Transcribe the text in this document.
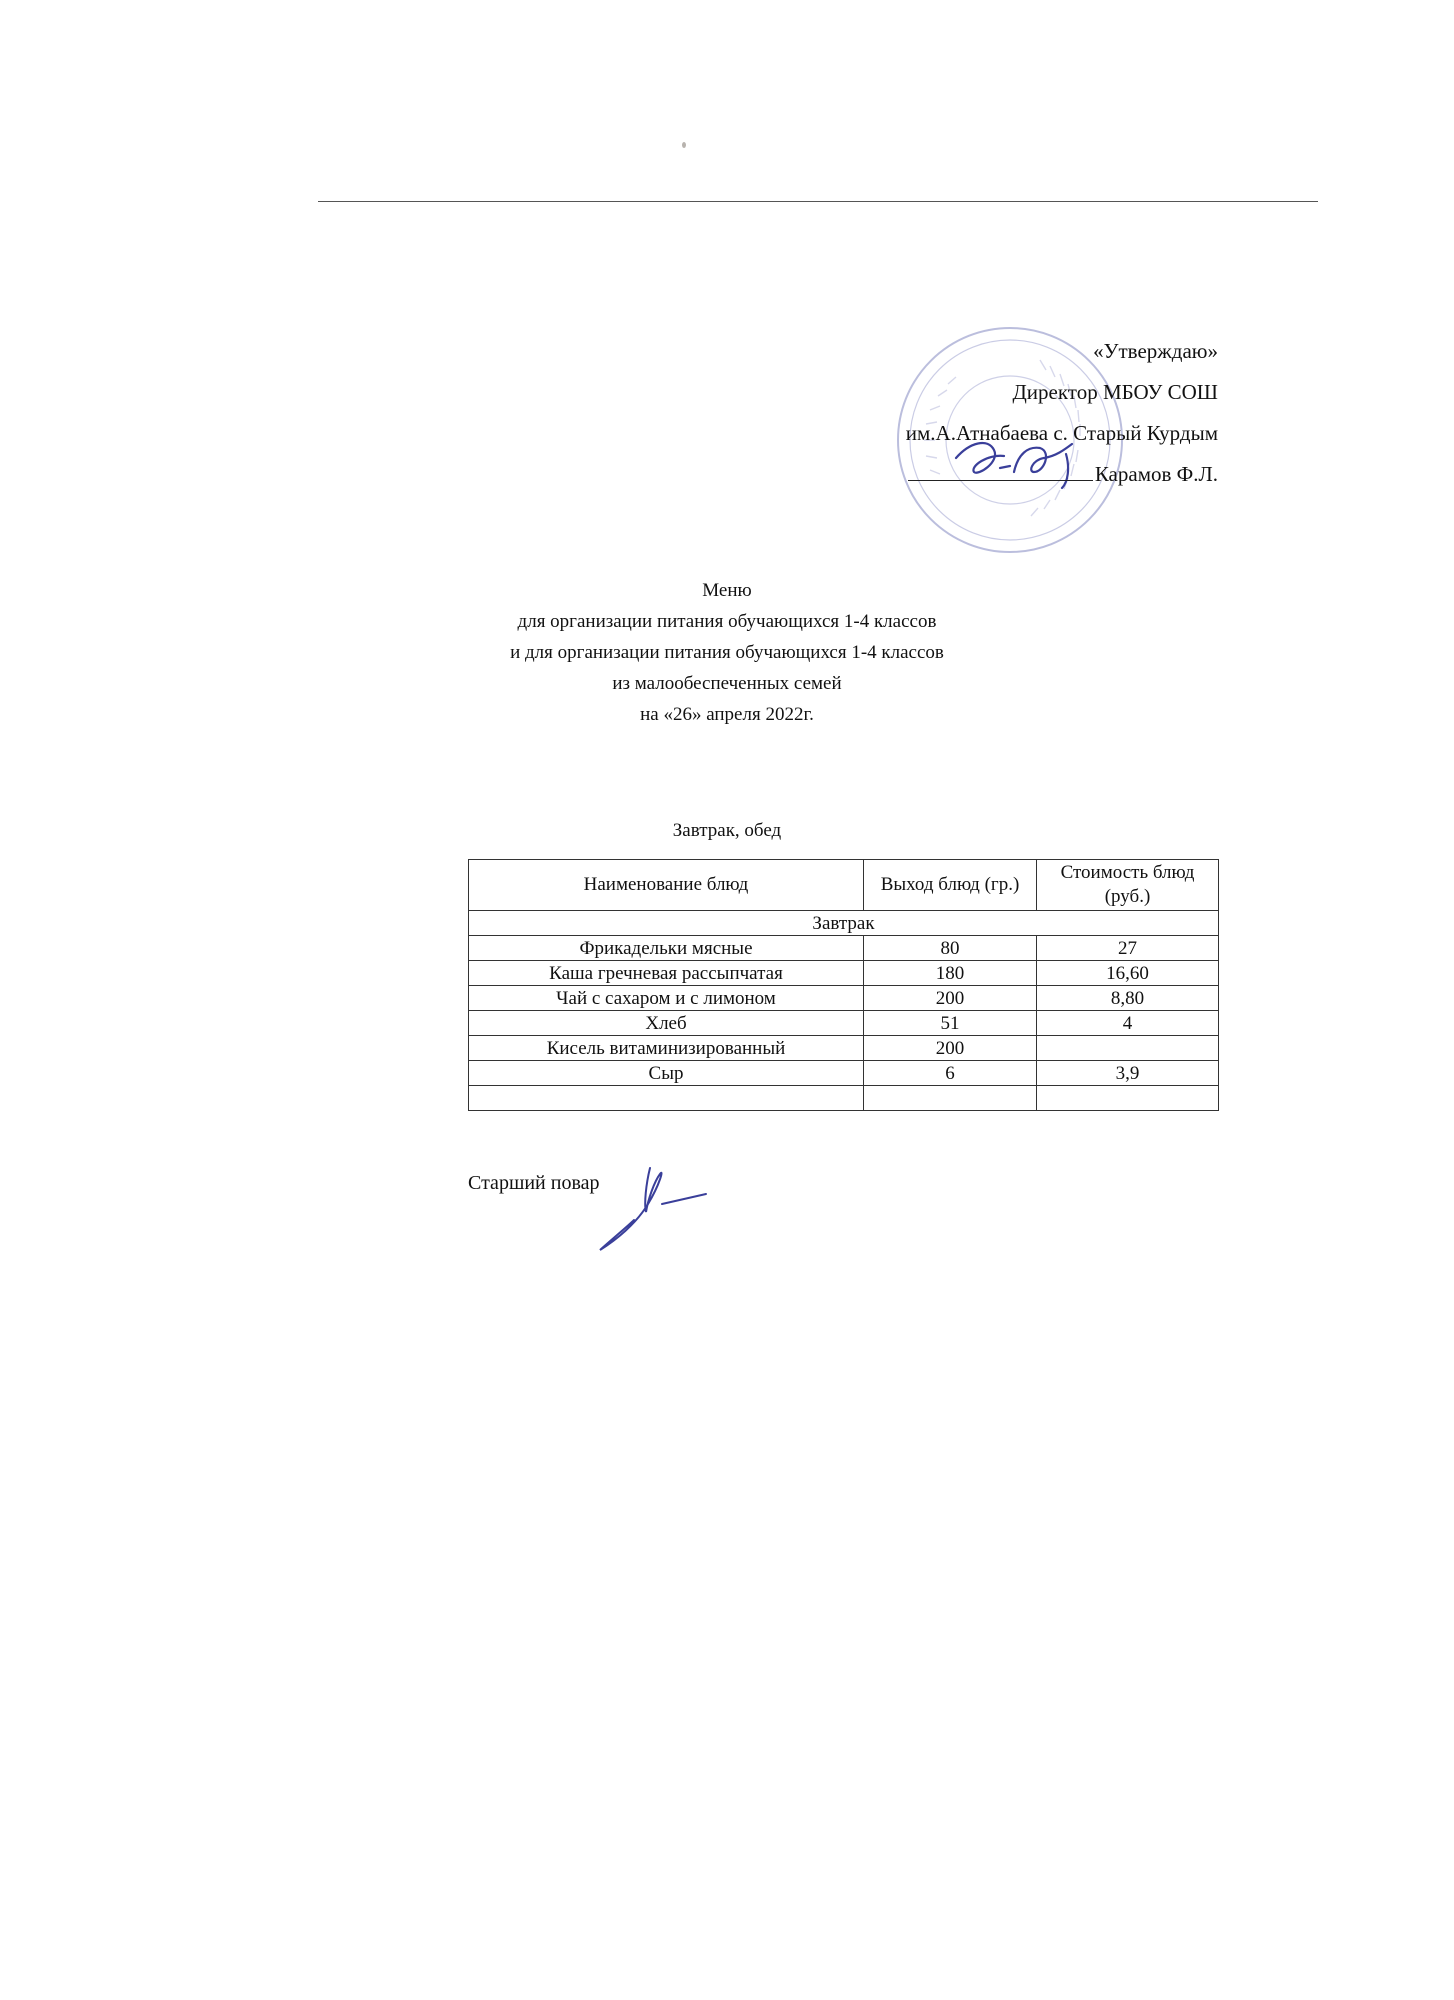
«Утверждаю»
Директор МБОУ СОШ
им.А.Атнабаева с. Старый Курдым
Карамов Ф.Л.
Меню
для организации питания обучающихся 1-4 классов
и для организации питания обучающихся 1-4 классов
из малообеспеченных семей
на «26» апреля 2022г.
Завтрак, обед
Наименование блюд	Выход блюд (гр.)	Стоимость блюд (руб.)
Завтрак		
Фрикадельки мясные	80	27
Каша гречневая рассыпчатая	180	16,60
Чай с сахаром и с лимоном	200	8,80
Хлеб	51	4
Кисель витаминизированный	200	
Сыр	6	3,9

Старший повар
